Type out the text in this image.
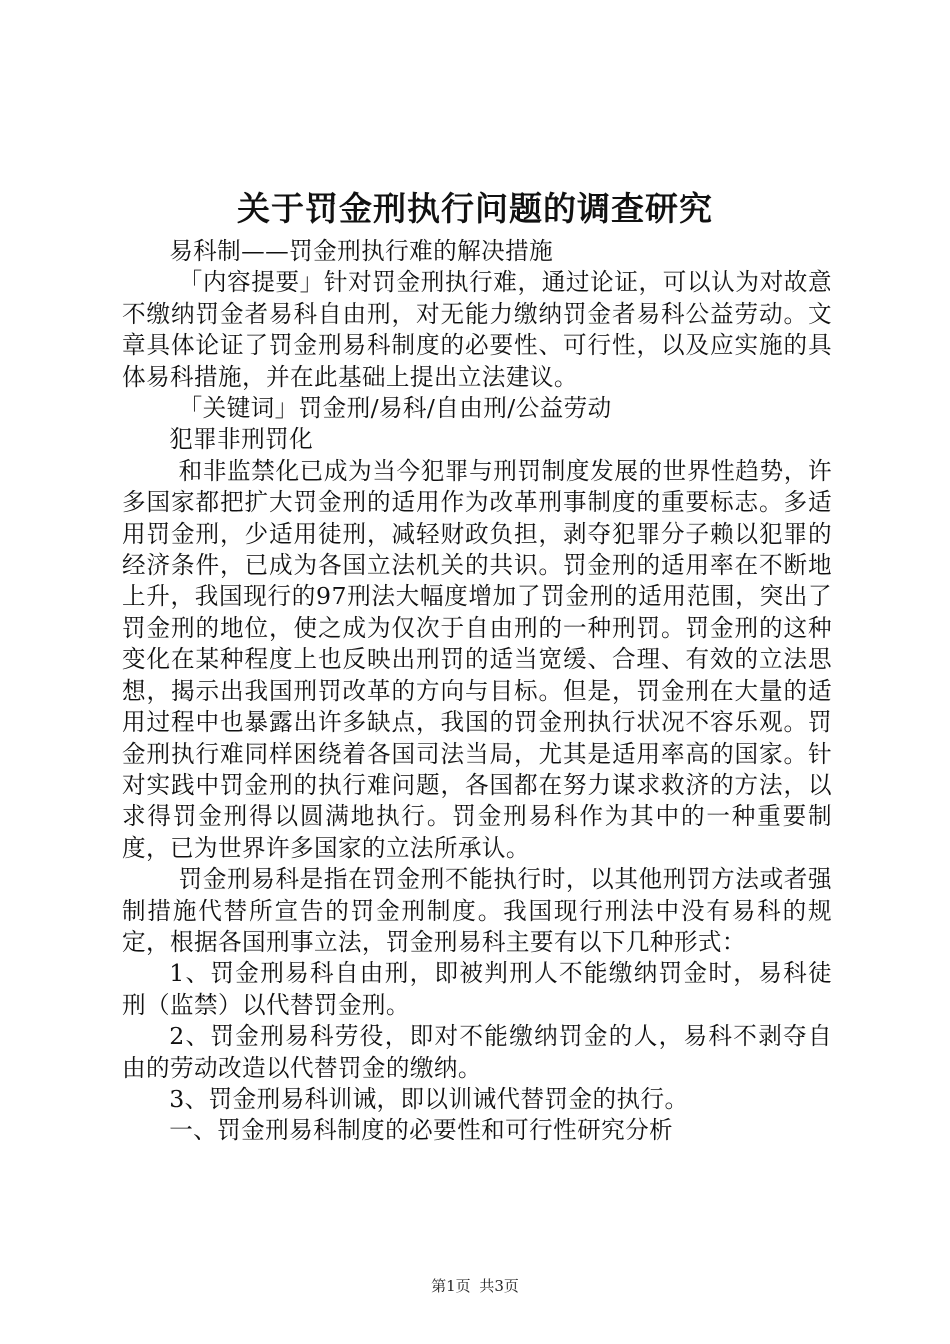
关于罚金刑执行问题的调查研究

易科制——罚金刑执行难的解决措施

「内容提要」针对罚金刑执行难，通过论证，可以认为对故意不缴纳罚金者易科自由刑，对无能力缴纳罚金者易科公益劳动。文章具体论证了罚金刑易科制度的必要性、可行性，以及应实施的具体易科措施，并在此基础上提出立法建议。

「关键词」罚金刑/易科/自由刑/公益劳动

犯罪非刑罚化

和非监禁化已成为当今犯罪与刑罚制度发展的世界性趋势，许多国家都把扩大罚金刑的适用作为改革刑事制度的重要标志。多适用罚金刑，少适用徒刑，减轻财政负担，剥夺犯罪分子赖以犯罪的经济条件，已成为各国立法机关的共识。罚金刑的适用率在不断地上升，我国现行的97刑法大幅度增加了罚金刑的适用范围，突出了罚金刑的地位，使之成为仅次于自由刑的一种刑罚。罚金刑的这种变化在某种程度上也反映出刑罚的适当宽缓、合理、有效的立法思想，揭示出我国刑罚改革的方向与目标。但是，罚金刑在大量的适用过程中也暴露出许多缺点，我国的罚金刑执行状况不容乐观。罚金刑执行难同样困绕着各国司法当局，尤其是适用率高的国家。针对实践中罚金刑的执行难问题，各国都在努力谋求救济的方法，以求得罚金刑得以圆满地执行。罚金刑易科作为其中的一种重要制度，已为世界许多国家的立法所承认。

罚金刑易科是指在罚金刑不能执行时，以其他刑罚方法或者强制措施代替所宣告的罚金刑制度。我国现行刑法中没有易科的规定，根据各国刑事立法，罚金刑易科主要有以下几种形式：

1、罚金刑易科自由刑，即被判刑人不能缴纳罚金时，易科徒刑（监禁）以代替罚金刑。

2、罚金刑易科劳役，即对不能缴纳罚金的人，易科不剥夺自由的劳动改造以代替罚金的缴纳。

3、罚金刑易科训诫，即以训诫代替罚金的执行。

一、罚金刑易科制度的必要性和可行性研究分析

第1页 共3页
